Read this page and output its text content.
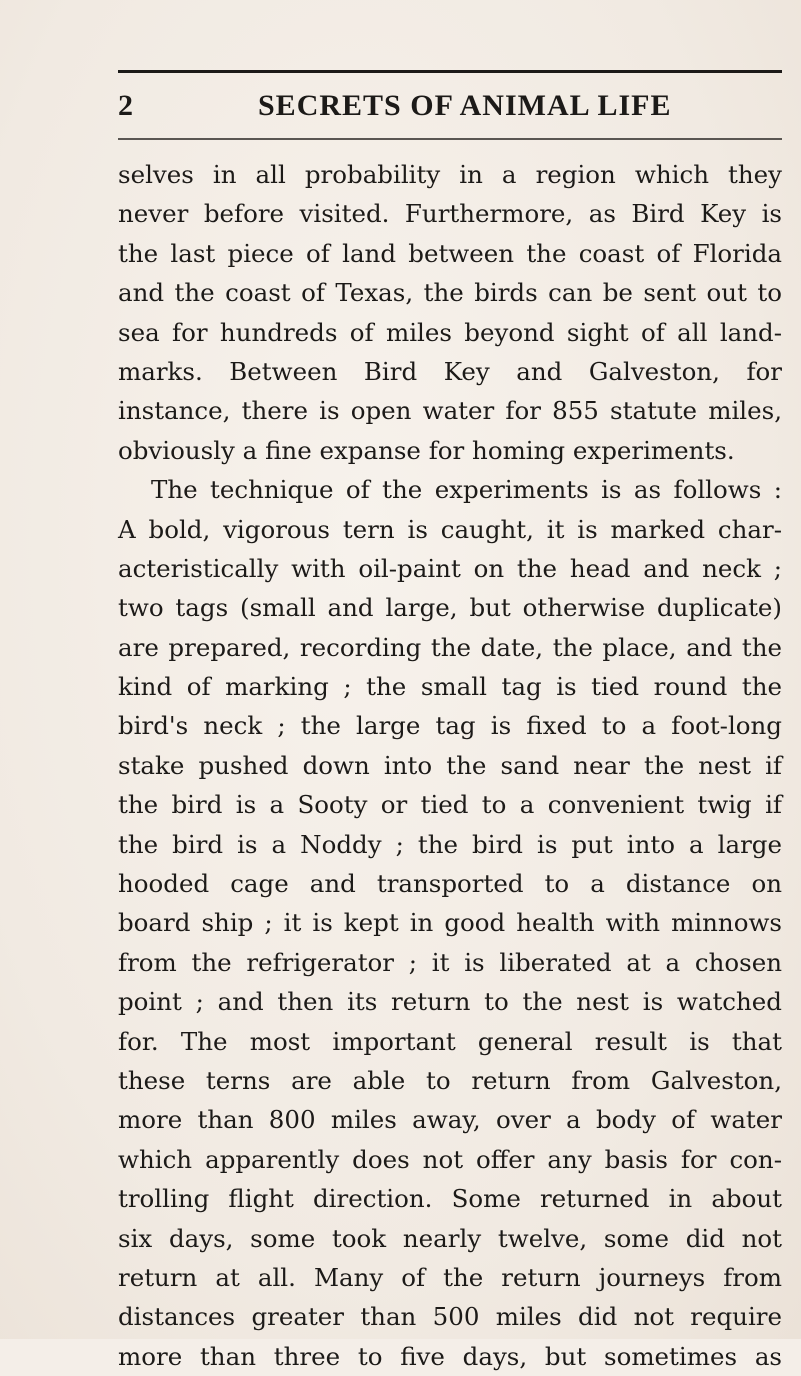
2	SECRETS OF ANIMAL LIFE
selves in all probability in a region which they
never before visited. Furthermore, as Bird Key is
the last piece of land between the coast of Florida
and the coast of Texas, the birds can be sent out to
sea for hundreds of miles beyond sight of all land-
marks. Between Bird Key and Galveston, for
instance, there is open water for 855 statute miles,
obviously a fine expanse for homing experiments.
The technique of the experiments is as follows :
A bold, vigorous tern is caught, it is marked char-
acteristically with oil-paint on the head and neck ;
two tags (small and large, but otherwise duplicate)
are prepared, recording the date, the place, and the
kind of marking ; the small tag is tied round the
bird's neck ; the large tag is fixed to a foot-long
stake pushed down into the sand near the nest if
the bird is a Sooty or tied to a convenient twig if
the bird is a Noddy ; the bird is put into a large
hooded cage and transported to a distance on
board ship ; it is kept in good health with minnows
from the refrigerator ; it is liberated at a chosen
point ; and then its return to the nest is watched
for. The most important general result is that
these terns are able to return from Galveston,
more than 800 miles away, over a body of water
which apparently does not offer any basis for con-
trolling flight direction. Some returned in about
six days, some took nearly twelve, some did not
return at all. Many of the return journeys from
distances greater than 500 miles did not require
more than three to five days, but sometimes as
